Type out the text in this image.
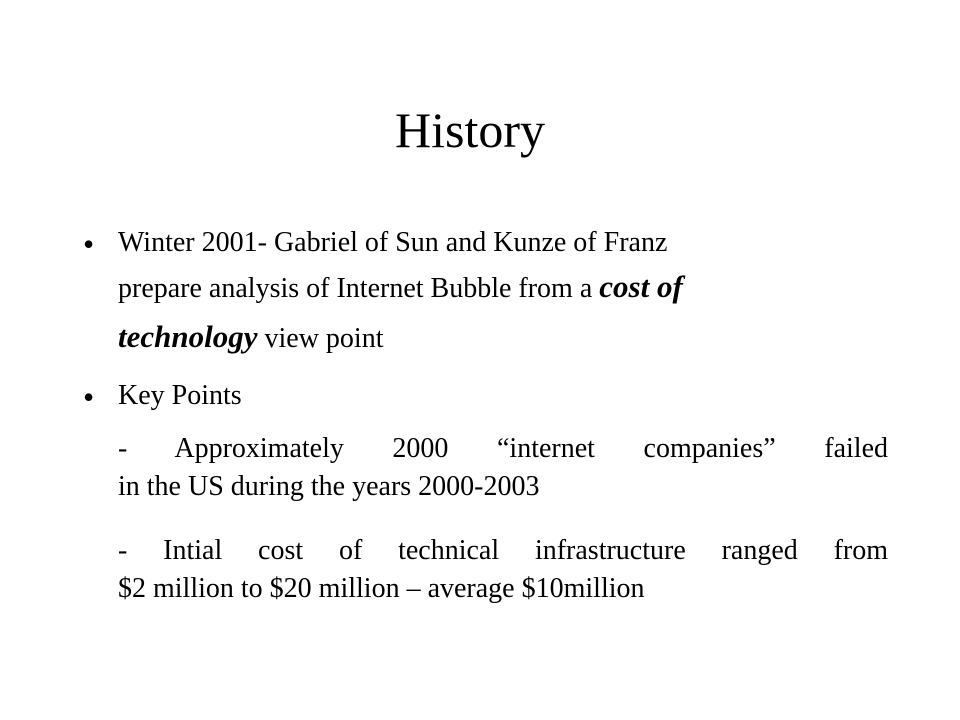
History
• Winter 2001- Gabriel of Sun and Kunze of Franz
prepare analysis of Internet Bubble from a cost of
technology view point
• Key Points
- Approximately 2000 “internet companies” failed
in the US during the years 2000-2003
- Intial cost of technical infrastructure ranged from
$2 million to $20 million – average $10million
